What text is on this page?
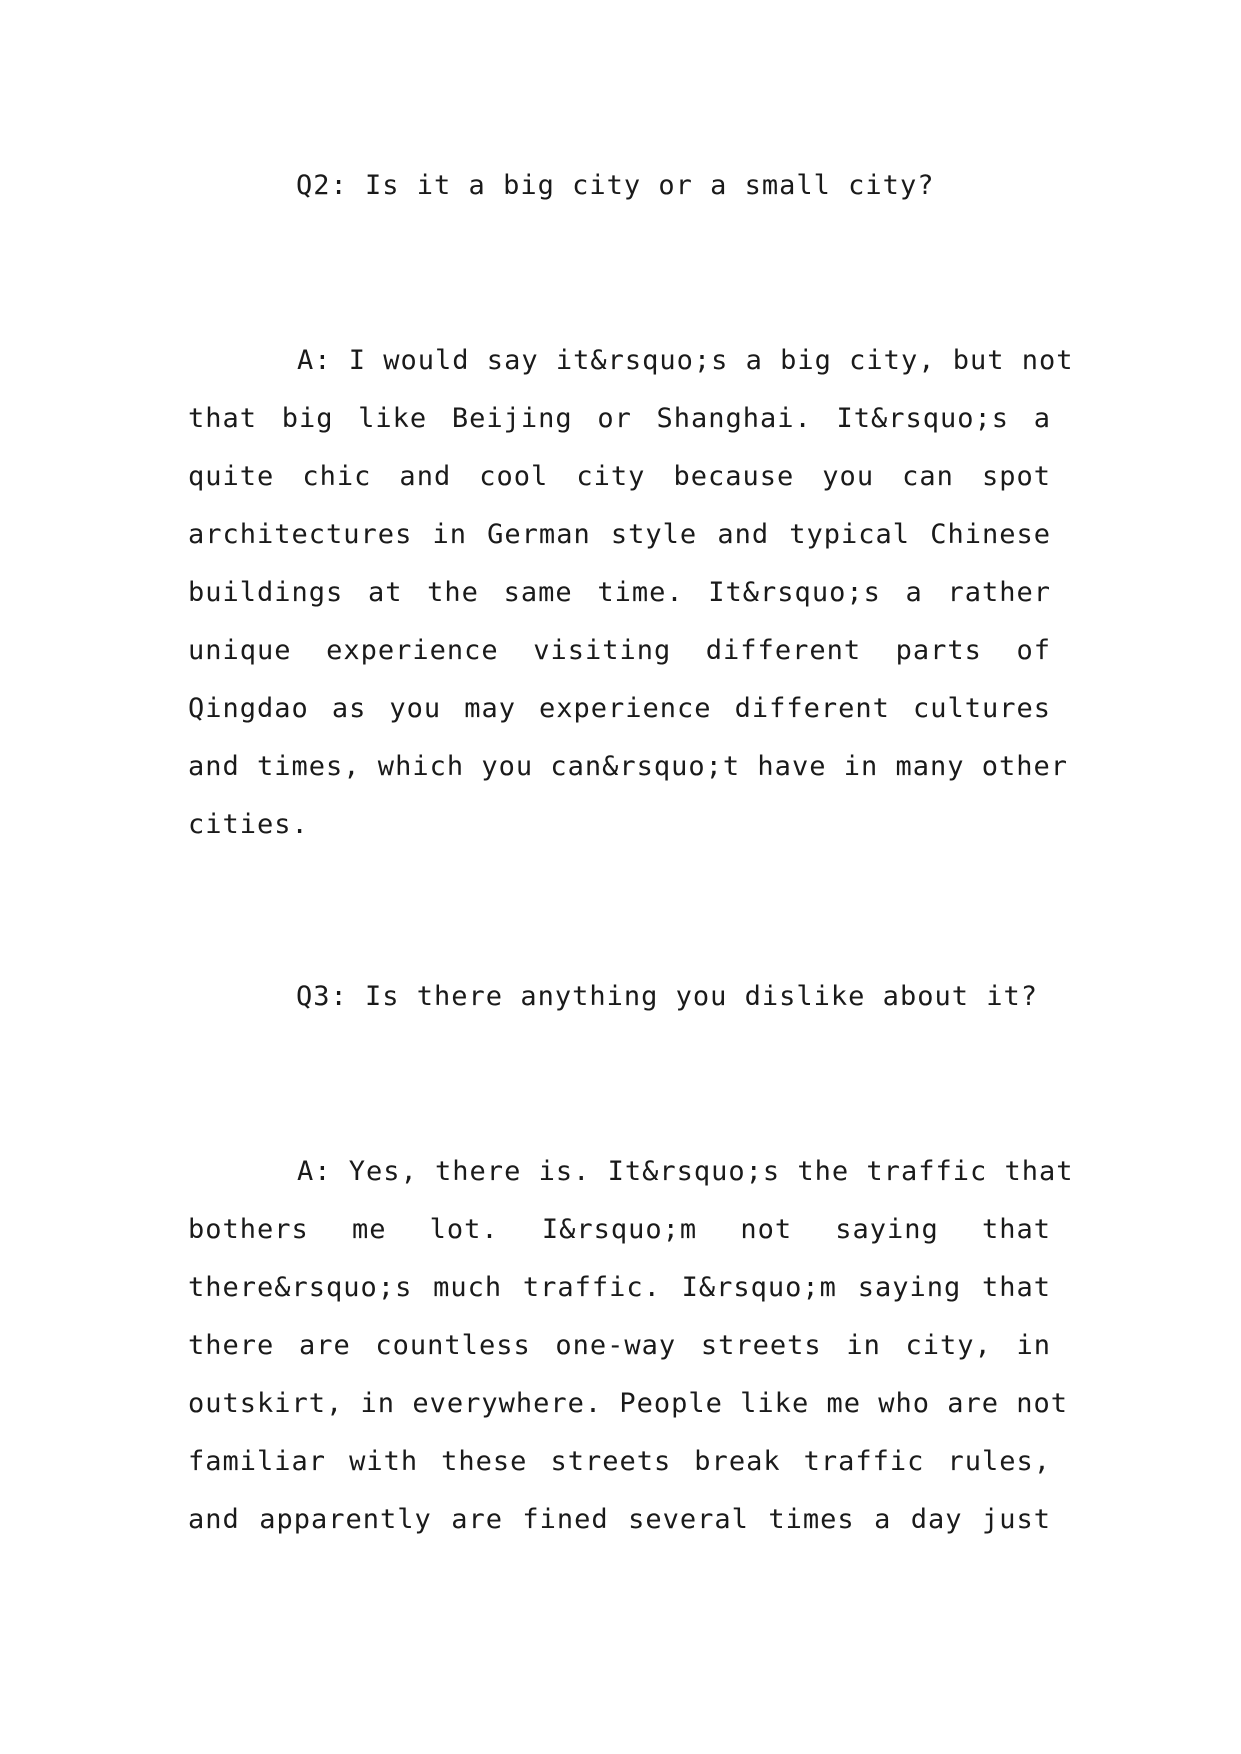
Q2: Is it a big city or a small city?
A: I would say it&rsquo;s a big city, but not
that big like Beijing or Shanghai. It&rsquo;s a
quite chic and cool city because you can spot
architectures in German style and typical Chinese
buildings at the same time. It&rsquo;s a rather
unique experience visiting different parts of
Qingdao as you may experience different cultures
and times, which you can&rsquo;t have in many other
cities.
Q3: Is there anything you dislike about it?
A: Yes, there is. It&rsquo;s the traffic that
bothers me lot. I&rsquo;m not saying that
there&rsquo;s much traffic. I&rsquo;m saying that
there are countless one-way streets in city, in
outskirt, in everywhere. People like me who are not
familiar with these streets break traffic rules,
and apparently are fined several times a day just
